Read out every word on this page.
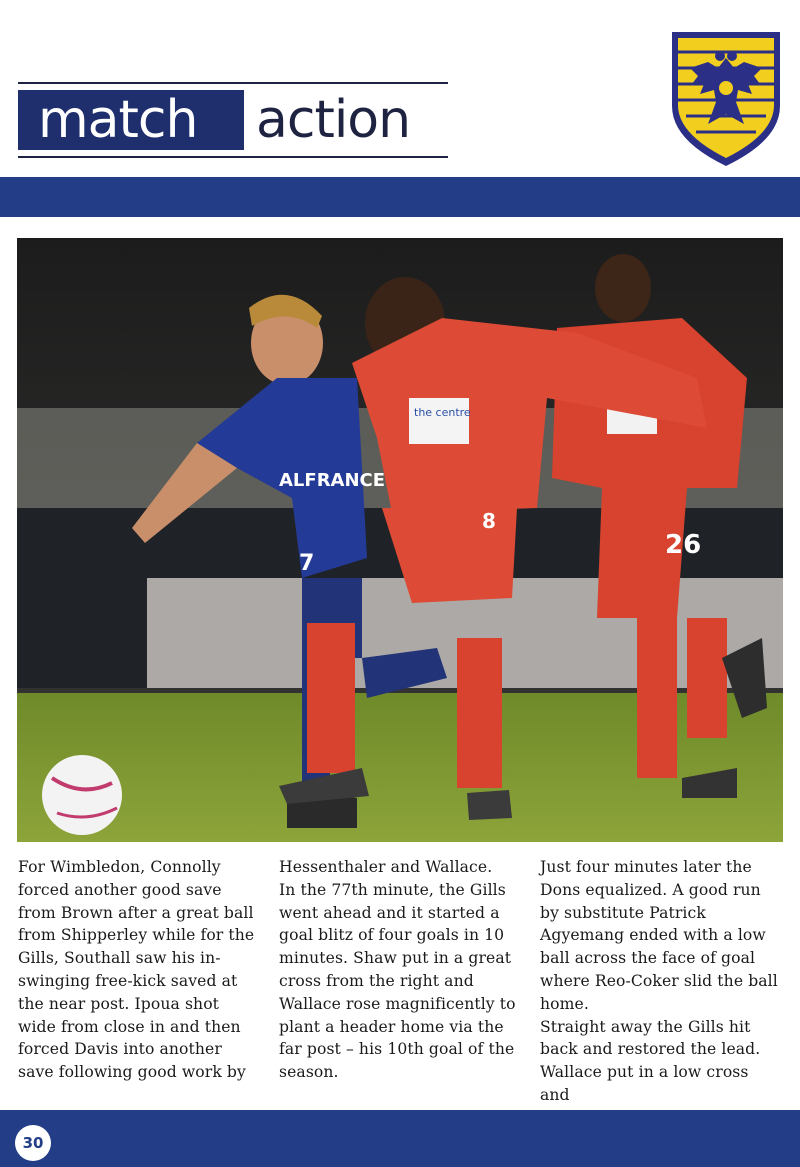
match	action
26
ALFRANCE
7
the centre
8

For Wimbledon, Connolly forced another good save from Brown after a great ball from Shipperley while for the Gills, Southall saw his in-swinging free-kick saved at the near post. Ipoua shot wide from close in and then forced Davis into another save following good work by

Hessenthaler and Wallace.

In the 77th minute, the Gills went ahead and it started a goal blitz of four goals in 10 minutes. Shaw put in a great cross from the right and Wallace rose magnificently to plant a header home via the far post – his 10th goal of the season.

Just four minutes later the Dons equalized. A good run by substitute Patrick Agyemang ended with a low ball across the face of goal where Reo-Coker slid the ball home.

Straight away the Gills hit back and restored the lead. Wallace put in a low cross and

30
